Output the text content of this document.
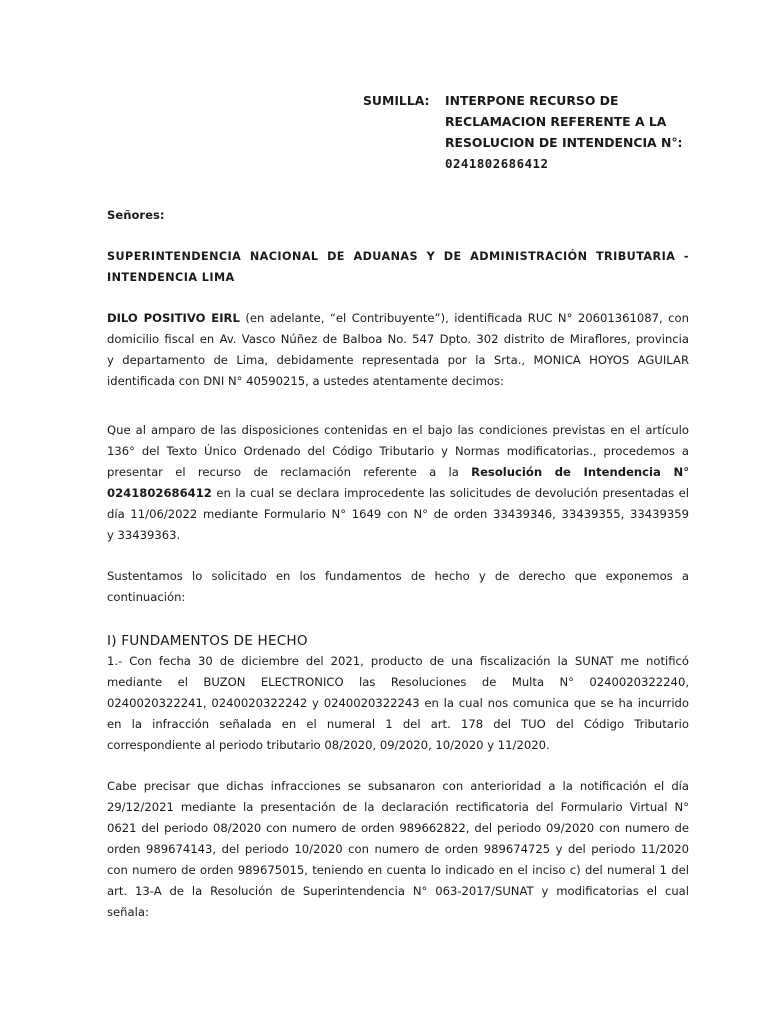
SUMILLA: INTERPONE RECURSO DE
RECLAMACION REFERENTE A LA
RESOLUCION DE INTENDENCIA N°:
0241802686412
Señores:
SUPERINTENDENCIA NACIONAL DE ADUANAS Y DE ADMINISTRACIÓN TRIBUTARIA -
INTENDENCIA LIMA
DILO POSITIVO EIRL (en adelante, “el Contribuyente”), identificada RUC N° 20601361087, con
domicilio fiscal en Av. Vasco Núñez de Balboa No. 547 Dpto. 302 distrito de Miraflores, provincia
y departamento de Lima, debidamente representada por la Srta., MONICA HOYOS AGUILAR
identificada con DNI N° 40590215, a ustedes atentamente decimos:
Que al amparo de las disposiciones contenidas en el bajo las condiciones previstas en el artículo
136° del Texto Único Ordenado del Código Tributario y Normas modificatorias., procedemos a
presentar el recurso de reclamación referente a la Resolución de Intendencia N°
0241802686412 en la cual se declara improcedente las solicitudes de devolución presentadas el
día 11/06/2022 mediante Formulario N° 1649 con N° de orden 33439346, 33439355, 33439359
y 33439363.
Sustentamos lo solicitado en los fundamentos de hecho y de derecho que exponemos a
continuación:
I) FUNDAMENTOS DE HECHO
1.- Con fecha 30 de diciembre del 2021, producto de una fiscalización la SUNAT me notificó
mediante el BUZON ELECTRONICO las Resoluciones de Multa N° 0240020322240,
0240020322241, 0240020322242 y 0240020322243 en la cual nos comunica que se ha incurrido
en la infracción señalada en el numeral 1 del art. 178 del TUO del Código Tributario
correspondiente al periodo tributario 08/2020, 09/2020, 10/2020 y 11/2020.
Cabe precisar que dichas infracciones se subsanaron con anterioridad a la notificación el día
29/12/2021 mediante la presentación de la declaración rectificatoria del Formulario Virtual N°
0621 del periodo 08/2020 con numero de orden 989662822, del periodo 09/2020 con numero de
orden 989674143, del periodo 10/2020 con numero de orden 989674725 y del periodo 11/2020
con numero de orden 989675015, teniendo en cuenta lo indicado en el inciso c) del numeral 1 del
art. 13-A de la Resolución de Superintendencia N° 063-2017/SUNAT y modificatorias el cual
señala:
